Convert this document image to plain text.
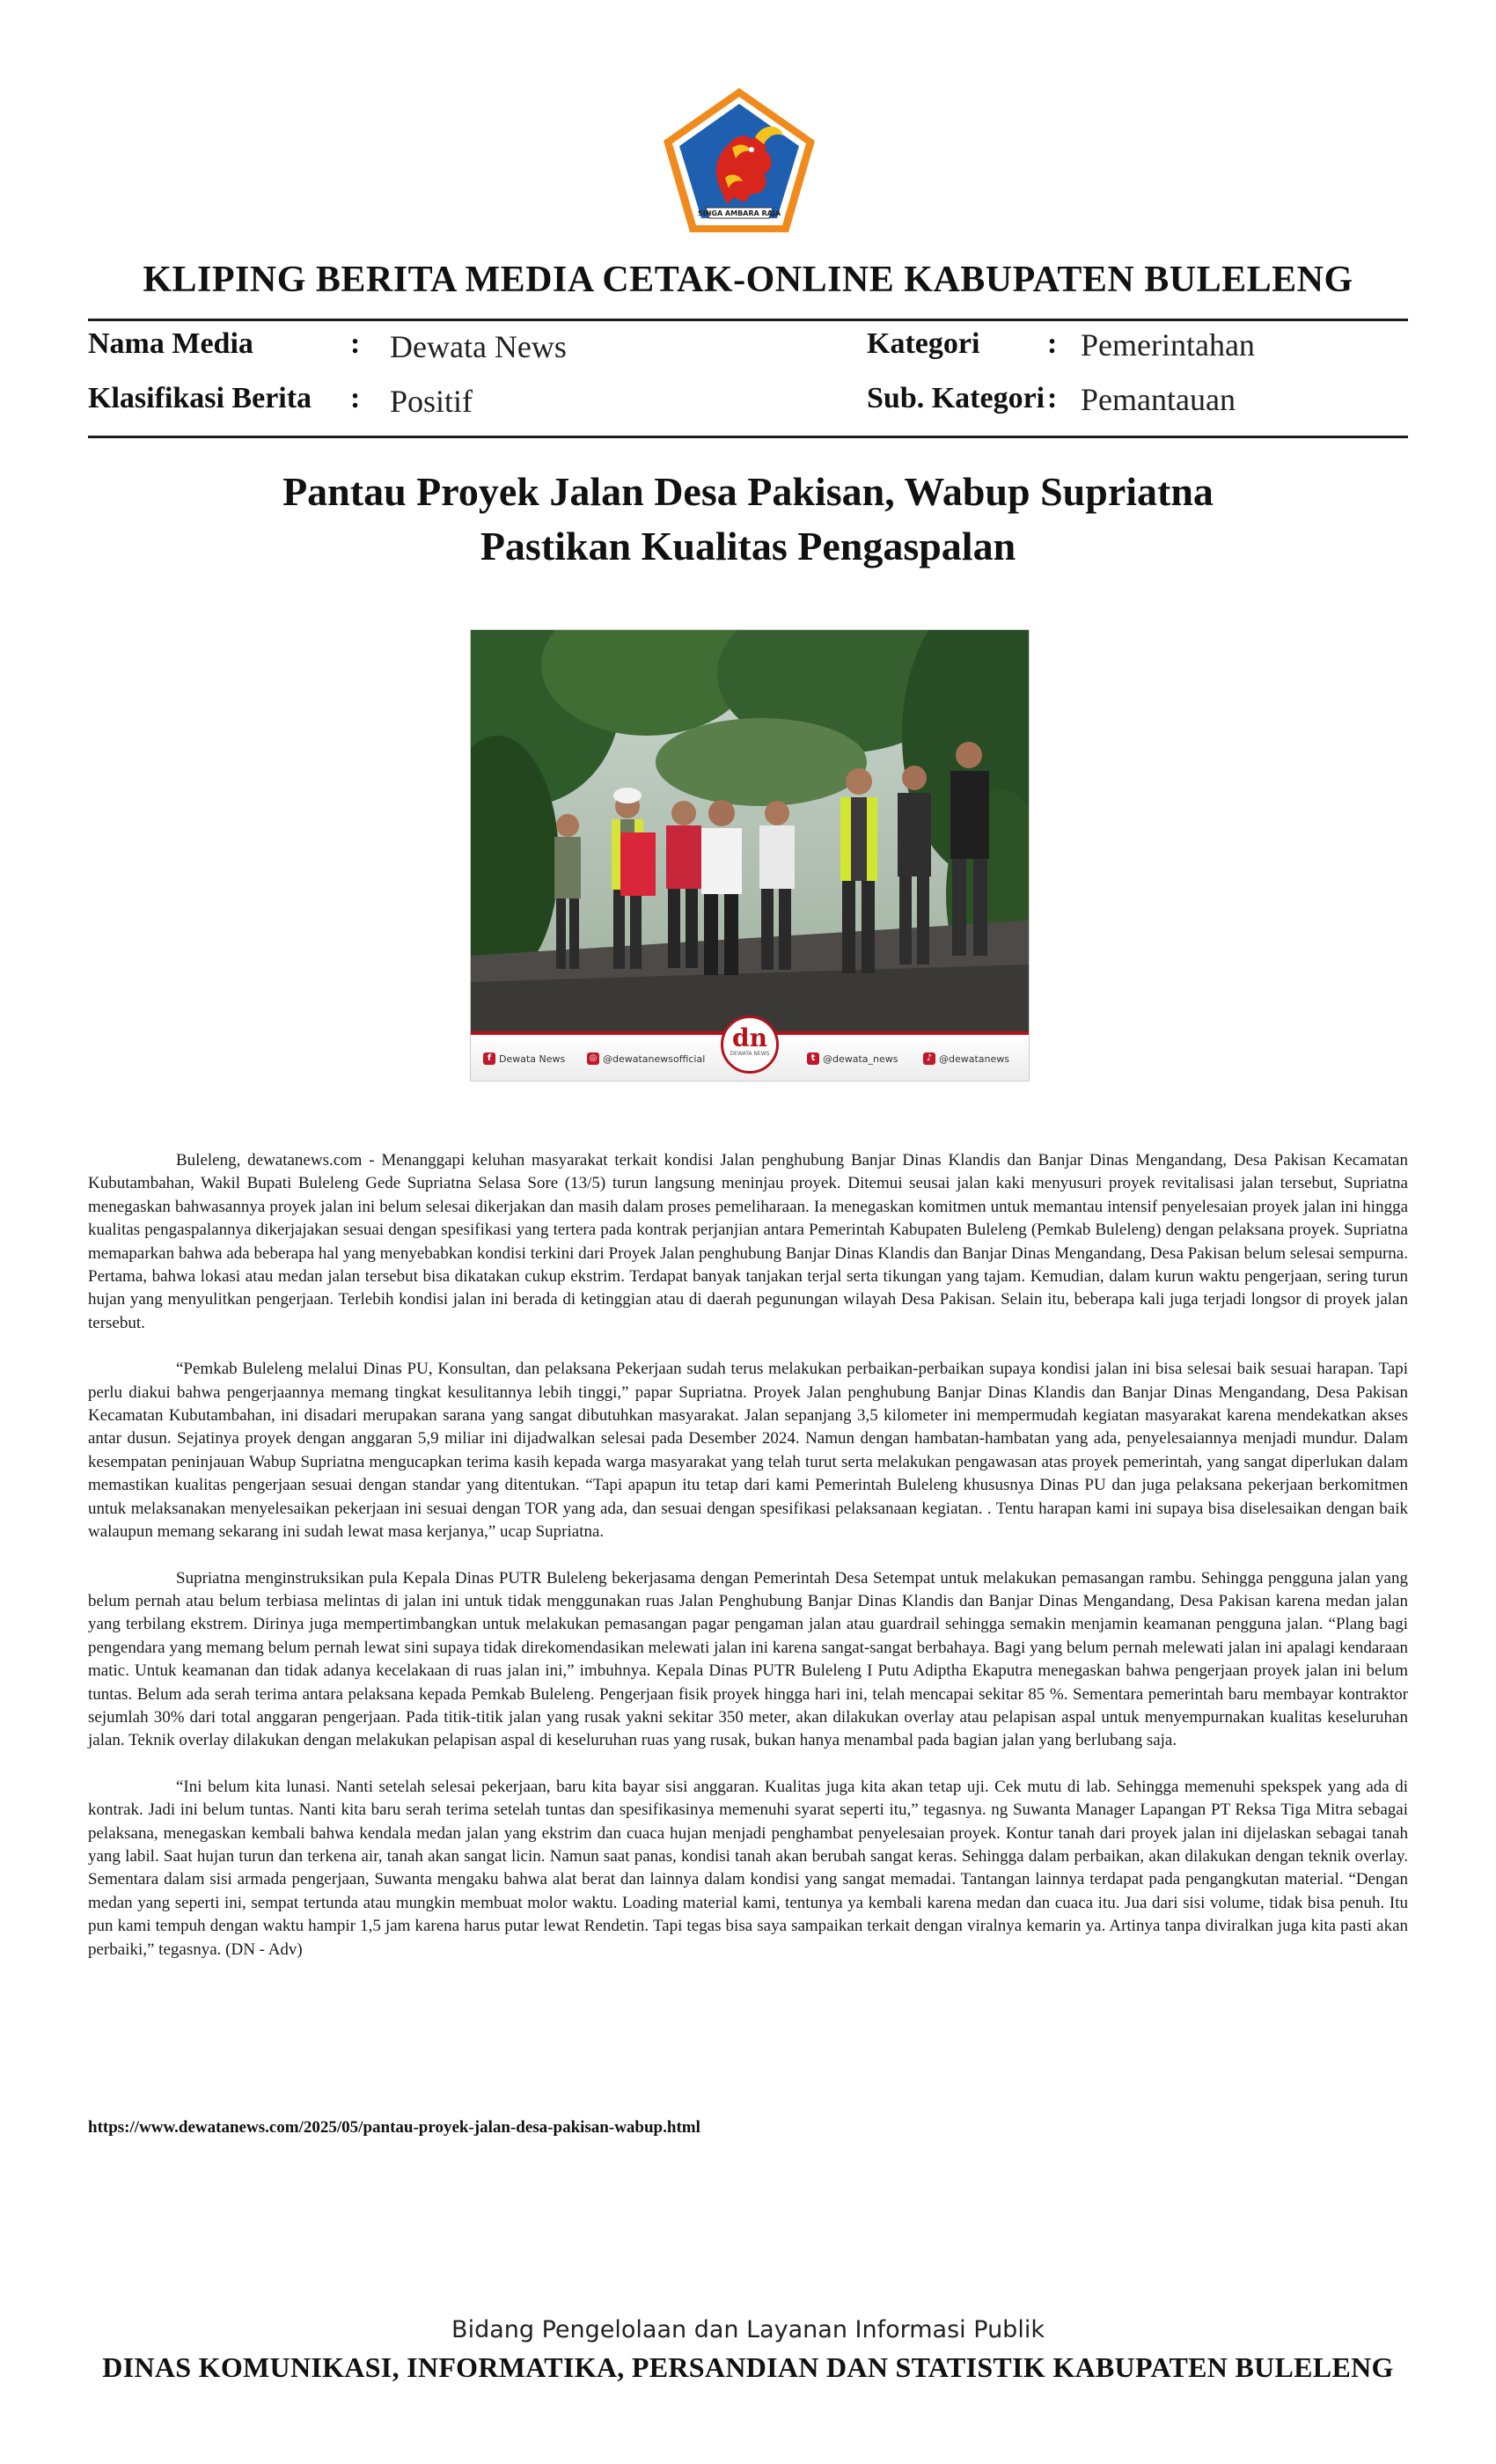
SINGA AMBARA RAJA
KLIPING BERITA MEDIA CETAK-ONLINE KABUPATEN BULELENG
Nama Media	: Dewata News
Klasifikasi Berita : Positif
Kategori : Pemerintahan
Sub. Kategori : Pemantauan
Pantau Proyek Jalan Desa Pakisan, Wabup Supriatna
Pastikan Kualitas Pengaspalan
f Dewata News	◎ @dewatanewsofficial
dn
DEWATA NEWS	t @dewata_news	♪ @dewatanews

Buleleng, dewatanews.com - Menanggapi keluhan masyarakat terkait kondisi Jalan penghubung Banjar Dinas Klandis dan Banjar Dinas Mengandang, Desa Pakisan Kecamatan Kubutambahan, Wakil Bupati Buleleng Gede Supriatna Selasa Sore (13/5) turun langsung meninjau proyek. Ditemui seusai jalan kaki menyusuri proyek revitalisasi jalan tersebut, Supriatna menegaskan bahwasannya proyek jalan ini belum selesai dikerjakan dan masih dalam proses pemeliharaan. Ia menegaskan komitmen untuk memantau intensif penyelesaian proyek jalan ini hingga kualitas pengaspalannya dikerjajakan sesuai dengan spesifikasi yang tertera pada kontrak perjanjian antara Pemerintah Kabupaten Buleleng (Pemkab Buleleng) dengan pelaksana proyek. Supriatna memaparkan bahwa ada beberapa hal yang menyebabkan kondisi terkini dari Proyek Jalan penghubung Banjar Dinas Klandis dan Banjar Dinas Mengandang, Desa Pakisan belum selesai sempurna. Pertama, bahwa lokasi atau medan jalan tersebut bisa dikatakan cukup ekstrim. Terdapat banyak tanjakan terjal serta tikungan yang tajam. Kemudian, dalam kurun waktu pengerjaan, sering turun hujan yang menyulitkan pengerjaan. Terlebih kondisi jalan ini berada di ketinggian atau di daerah pegunungan wilayah Desa Pakisan. Selain itu, beberapa kali juga terjadi longsor di proyek jalan tersebut.

“Pemkab Buleleng melalui Dinas PU, Konsultan, dan pelaksana Pekerjaan sudah terus melakukan perbaikan-perbaikan supaya kondisi jalan ini bisa selesai baik sesuai harapan. Tapi perlu diakui bahwa pengerjaannya memang tingkat kesulitannya lebih tinggi,” papar Supriatna. Proyek Jalan penghubung Banjar Dinas Klandis dan Banjar Dinas Mengandang, Desa Pakisan Kecamatan Kubutambahan, ini disadari merupakan sarana yang sangat dibutuhkan masyarakat. Jalan sepanjang 3,5 kilometer ini mempermudah kegiatan masyarakat karena mendekatkan akses antar dusun. Sejatinya proyek dengan anggaran 5,9 miliar ini dijadwalkan selesai pada Desember 2024. Namun dengan hambatan-hambatan yang ada, penyelesaiannya menjadi mundur. Dalam kesempatan peninjauan Wabup Supriatna mengucapkan terima kasih kepada warga masyarakat yang telah turut serta melakukan pengawasan atas proyek pemerintah, yang sangat diperlukan dalam memastikan kualitas pengerjaan sesuai dengan standar yang ditentukan. “Tapi apapun itu tetap dari kami Pemerintah Buleleng khususnya Dinas PU dan juga pelaksana pekerjaan berkomitmen untuk melaksanakan menyelesaikan pekerjaan ini sesuai dengan TOR yang ada, dan sesuai dengan spesifikasi pelaksanaan kegiatan. . Tentu harapan kami ini supaya bisa diselesaikan dengan baik walaupun memang sekarang ini sudah lewat masa kerjanya,” ucap Supriatna.

Supriatna menginstruksikan pula Kepala Dinas PUTR Buleleng bekerjasama dengan Pemerintah Desa Setempat untuk melakukan pemasangan rambu. Sehingga pengguna jalan yang belum pernah atau belum terbiasa melintas di jalan ini untuk tidak menggunakan ruas Jalan Penghubung Banjar Dinas Klandis dan Banjar Dinas Mengandang, Desa Pakisan karena medan jalan yang terbilang ekstrem. Dirinya juga mempertimbangkan untuk melakukan pemasangan pagar pengaman jalan atau guardrail sehingga semakin menjamin keamanan pengguna jalan. “Plang bagi pengendara yang memang belum pernah lewat sini supaya tidak direkomendasikan melewati jalan ini karena sangat-sangat berbahaya. Bagi yang belum pernah melewati jalan ini apalagi kendaraan matic. Untuk keamanan dan tidak adanya kecelakaan di ruas jalan ini,” imbuhnya. Kepala Dinas PUTR Buleleng I Putu Adiptha Ekaputra menegaskan bahwa pengerjaan proyek jalan ini belum tuntas. Belum ada serah terima antara pelaksana kepada Pemkab Buleleng. Pengerjaan fisik proyek hingga hari ini, telah mencapai sekitar 85 %. Sementara pemerintah baru membayar kontraktor sejumlah 30% dari total anggaran pengerjaan. Pada titik-titik jalan yang rusak yakni sekitar 350 meter, akan dilakukan overlay atau pelapisan aspal untuk menyempurnakan kualitas keseluruhan jalan. Teknik overlay dilakukan dengan melakukan pelapisan aspal di keseluruhan ruas yang rusak, bukan hanya menambal pada bagian jalan yang berlubang saja.

“Ini belum kita lunasi. Nanti setelah selesai pekerjaan, baru kita bayar sisi anggaran. Kualitas juga kita akan tetap uji. Cek mutu di lab. Sehingga memenuhi spekspek yang ada di kontrak. Jadi ini belum tuntas. Nanti kita baru serah terima setelah tuntas dan spesifikasinya memenuhi syarat seperti itu,” tegasnya. ng Suwanta Manager Lapangan PT Reksa Tiga Mitra sebagai pelaksana, menegaskan kembali bahwa kendala medan jalan yang ekstrim dan cuaca hujan menjadi penghambat penyelesaian proyek. Kontur tanah dari proyek jalan ini dijelaskan sebagai tanah yang labil. Saat hujan turun dan terkena air, tanah akan sangat licin. Namun saat panas, kondisi tanah akan berubah sangat keras. Sehingga dalam perbaikan, akan dilakukan dengan teknik overlay. Sementara dalam sisi armada pengerjaan, Suwanta mengaku bahwa alat berat dan lainnya dalam kondisi yang sangat memadai. Tantangan lainnya terdapat pada pengangkutan material. “Dengan medan yang seperti ini, sempat tertunda atau mungkin membuat molor waktu. Loading material kami, tentunya ya kembali karena medan dan cuaca itu. Jua dari sisi volume, tidak bisa penuh. Itu pun kami tempuh dengan waktu hampir 1,5 jam karena harus putar lewat Rendetin. Tapi tegas bisa saya sampaikan terkait dengan viralnya kemarin ya. Artinya tanpa diviralkan juga kita pasti akan perbaiki,” tegasnya. (DN - Adv)

https://www.dewatanews.com/2025/05/pantau-proyek-jalan-desa-pakisan-wabup.html
Bidang Pengelolaan dan Layanan Informasi Publik
DINAS KOMUNIKASI, INFORMATIKA, PERSANDIAN DAN STATISTIK KABUPATEN BULELENG
